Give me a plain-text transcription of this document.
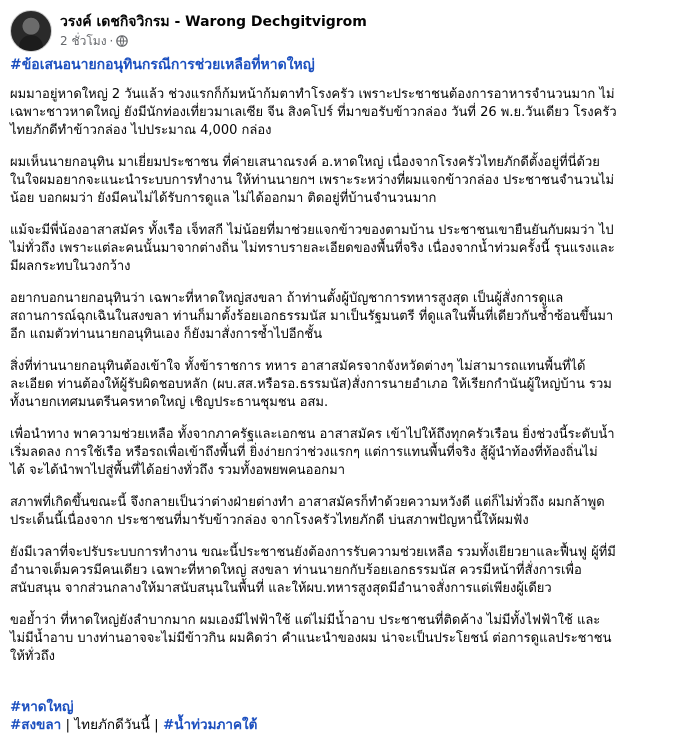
วรงค์ เดชกิจวิกรม - Warong Dechgitvigrom
2 ชั่วโมง ·

#ข้อเสนอนายกอนุทินกรณีการช่วยเหลือที่หาดใหญ่

ผมมาอยู่หาดใหญ่ 2 วันแล้ว ช่วงแรกก็ก้มหน้าก้มตาทำโรงครัว เพราะประชาชนต้องการอาหารจำนวนมาก ไม่
เฉพาะชาวหาดใหญ่ ยังมีนักท่องเที่ยวมาเลเซีย จีน สิงคโปร์ ที่มาขอรับข้าวกล่อง วันที่ 26 พ.ย.วันเดียว โรงครัว
ไทยภักดีทำข้าวกล่อง ไปประมาณ 4,000 กล่อง

ผมเห็นนายกอนุทิน มาเยี่ยมประชาชน ที่ค่ายเสนาณรงค์ อ.หาดใหญ่ เนื่องจากโรงครัวไทยภักดีตั้งอยู่ที่นี่ด้วย
ในใจผมอยากจะแนะนำระบบการทำงาน ให้ท่านนายกฯ เพราะระหว่างที่ผมแจกข้าวกล่อง ประชาชนจำนวนไม่
น้อย บอกผมว่า ยังมีคนไม่ได้รับการดูแล ไม่ได้ออกมา ติดอยู่ที่บ้านจำนวนมาก

แม้จะมีพี่น้องอาสาสมัคร ทั้งเรือ เจ็ทสกี ไม่น้อยที่มาช่วยแจกข้าวของตามบ้าน ประชาชนเขายืนยันกับผมว่า ไป
ไม่ทั่วถึง เพราะแต่ละคนนั้นมาจากต่างถิ่น ไม่ทราบรายละเอียดของพื้นที่จริง เนื่องจากน้ำท่วมครั้งนี้ รุนแรงและ
มีผลกระทบในวงกว้าง

อยากบอกนายกอนุทินว่า เฉพาะที่หาดใหญ่สงขลา ถ้าท่านตั้งผู้บัญชาการทหารสูงสุด เป็นผู้สั่งการดูแล
สถานการณ์ฉุกเฉินในสงขลา ท่านก็มาตั้งร้อยเอกธรรมนัส มาเป็นรัฐมนตรี ที่ดูแลในพื้นที่เดียวกันซ้ำซ้อนขึ้นมา
อีก แถมตัวท่านนายกอนุทินเอง ก็ยังมาสั่งการซ้ำไปอีกชั้น

สิ่งที่ท่านนายกอนุทินต้องเข้าใจ ทั้งข้าราชการ ทหาร อาสาสมัครจากจังหวัดต่างๆ ไม่สามารถแทนพื้นที่ได้
ละเอียด ท่านต้องให้ผู้รับผิดชอบหลัก (ผบ.สส.หรือรอ.ธรรมนัส)สั่งการนายอำเภอ ให้เรียกกำนันผู้ใหญ่บ้าน รวม
ทั้งนายกเทศมนตรีนครหาดใหญ่ เชิญประธานชุมชน อสม.

เพื่อนำทาง พาความช่วยเหลือ ทั้งจากภาครัฐและเอกชน อาสาสมัคร เข้าไปให้ถึงทุกครัวเรือน ยิ่งช่วงนี้ระดับน้ำ
เริ่มลดลง การใช้เรือ หรือรถเพื่อเข้าถึงพื้นที่ ยิ่งง่ายกว่าช่วงแรกๆ แต่การแทนพื้นที่จริง สู้ผู้นำท้องที่ท้องถิ่นไม่
ได้ จะได้นำพาไปสู่พื้นที่ได้อย่างทั่วถึง รวมทั้งอพยพคนออกมา

สภาพที่เกิดขึ้นขณะนี้ จึงกลายเป็นว่าต่างฝ่ายต่างทำ อาสาสมัครก็ทำด้วยความหวังดี แต่ก็ไม่ทั่วถึง ผมกล้าพูด
ประเด็นนี้เนื่องจาก ประชาชนที่มารับข้าวกล่อง จากโรงครัวไทยภักดี บ่นสภาพปัญหานี้ให้ผมฟัง

ยังมีเวลาที่จะปรับระบบการทำงาน ขณะนี้ประชาชนยังต้องการรับความช่วยเหลือ รวมทั้งเยียวยาและฟื้นฟู ผู้ที่มี
อำนาจเต็มควรมีคนเดียว เฉพาะที่หาดใหญ่ สงขลา ท่านนายกกับร้อยเอกธรรมนัส ควรมีหน้าที่สั่งการเพื่อ
สนับสนุน จากส่วนกลางให้มาสนับสนุนในพื้นที่ และให้ผบ.ทหารสูงสุดมีอำนาจสั่งการแต่เพียงผู้เดียว

ขอย้ำว่า ที่หาดใหญ่ยังลำบากมาก ผมเองมีไฟฟ้าใช้ แต่ไม่มีน้ำอาบ ประชาชนที่ติดค้าง ไม่มีทั้งไฟฟ้าใช้ และ
ไม่มีน้ำอาบ บางท่านอาจจะไม่มีข้าวกิน ผมคิดว่า คำแนะนำของผม น่าจะเป็นประโยชน์ ต่อการดูแลประชาชน
ให้ทั่วถึง

#หาดใหญ่
#สงขลา | ไทยภักดีวันนี้ | #น้ำท่วมภาคใต้
